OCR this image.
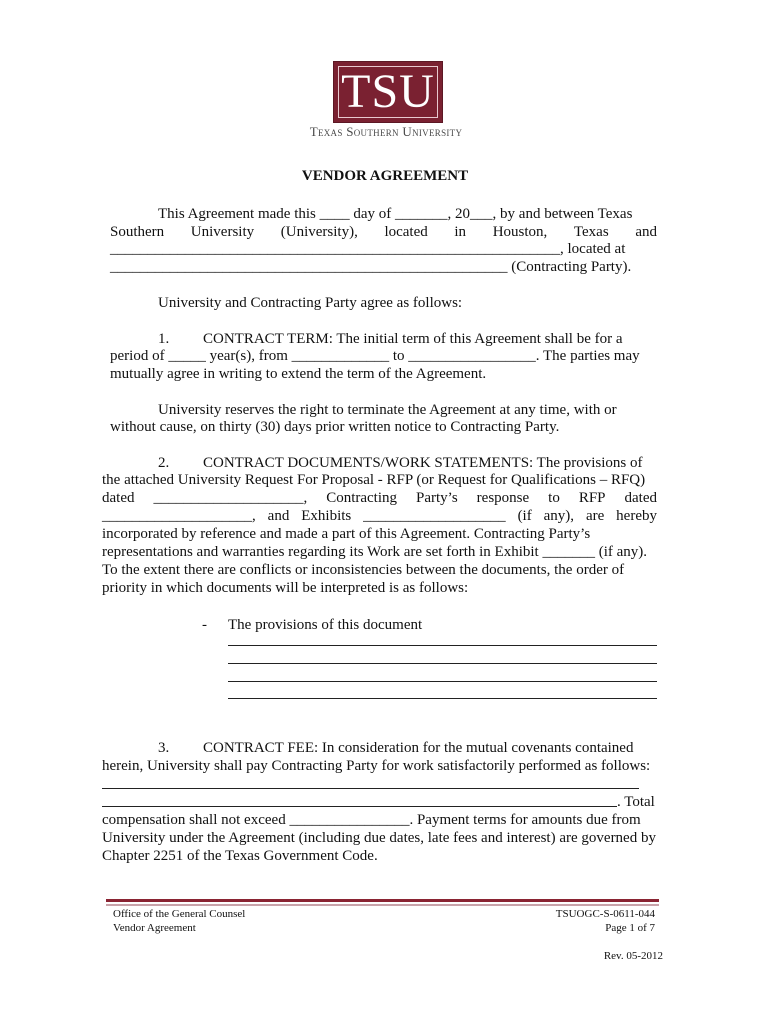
TSU
Texas Southern University
VENDOR AGREEMENT
This Agreement made this ____ day of _______, 20___, by and between Texas
Southern University (University), located in Houston, Texas and
____________________________________________________________, located at
_____________________________________________________ (Contracting Party).
University and Contracting Party agree as follows:
1. CONTRACT TERM: The initial term of this Agreement shall be for a
period of _____ year(s), from _____________ to _________________. The parties may
mutually agree in writing to extend the term of the Agreement.
University reserves the right to terminate the Agreement at any time, with or
without cause, on thirty (30) days prior written notice to Contracting Party.
2. CONTRACT DOCUMENTS/WORK STATEMENTS: The provisions of
the attached University Request For Proposal - RFP (or Request for Qualifications – RFQ)
dated ____________________, Contracting Party’s response to RFP dated
____________________, and Exhibits ___________________ (if any), are hereby
incorporated by reference and made a part of this Agreement. Contracting Party’s
representations and warranties regarding its Work are set forth in Exhibit _______ (if any).
To the extent there are conflicts or inconsistencies between the documents, the order of
priority in which documents will be interpreted is as follows:
- The provisions of this document
3. CONTRACT FEE: In consideration for the mutual covenants contained
herein, University shall pay Contracting Party for work satisfactorily performed as follows:
. Total
compensation shall not exceed ________________. Payment terms for amounts due from
University under the Agreement (including due dates, late fees and interest) are governed by
Chapter 2251 of the Texas Government Code.
Office of the General Counsel
Vendor Agreement
TSUOGC-S-0611-044
Page 1 of 7
Rev. 05-2012
